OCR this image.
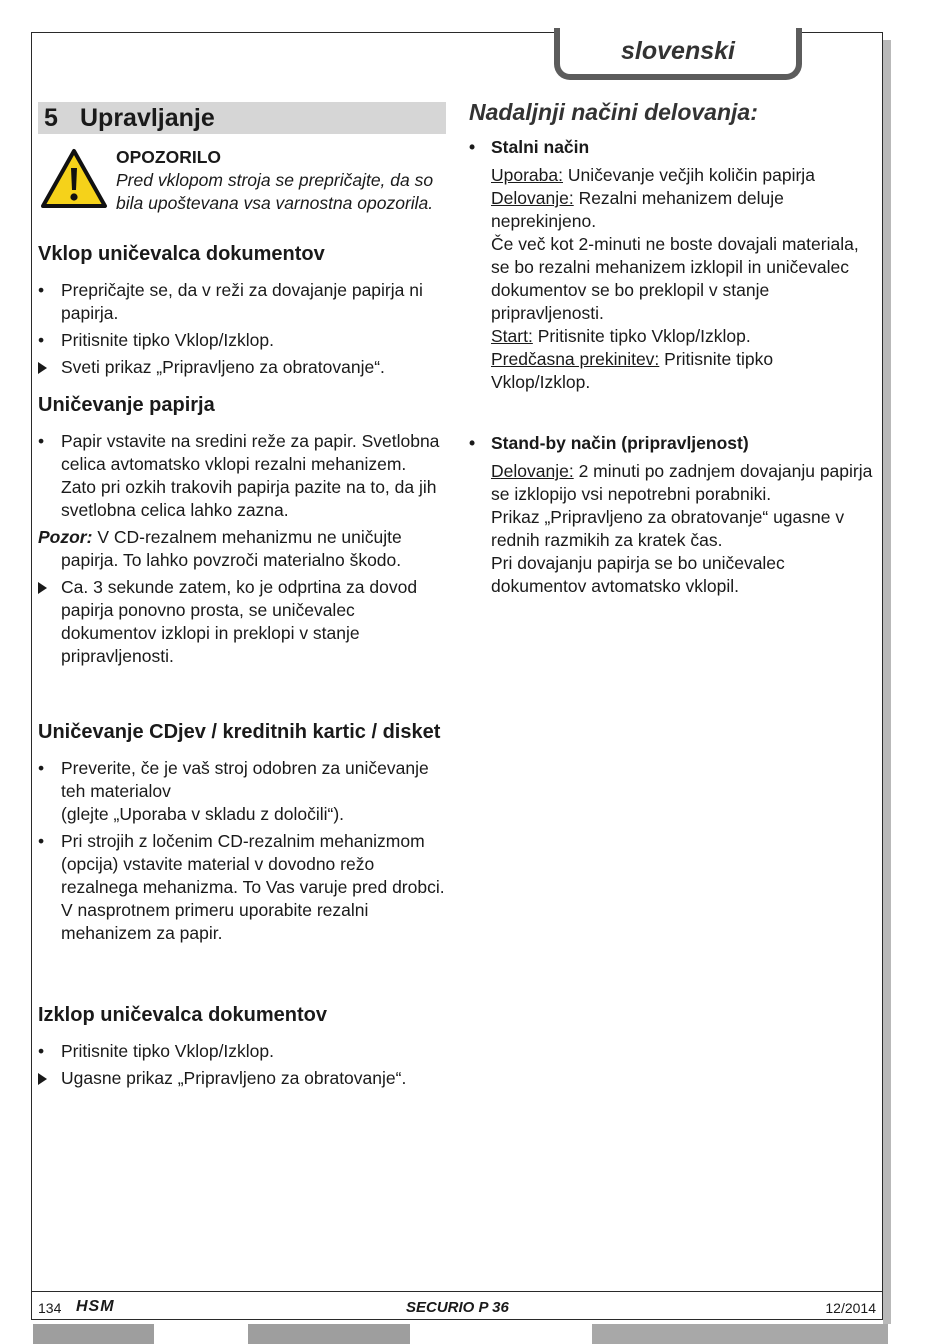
slovenski
5 Upravljanje
OPOZORILO
Pred vklopom stroja se prepričajte, da so bila upoštevana vsa varnostna opozorila.
Vklop uničevalca dokumentov
• Prepričajte se, da v reži za dovajanje papirja ni papirja.
• Pritisnite tipko Vklop/Izklop.
Sveti prikaz „Pripravljeno za obratovanje“.
Uničevanje papirja
• Papir vstavite na sredini reže za papir. Svetlobna celica avtomatsko vklopi rezalni mehanizem. Zato pri ozkih trakovih papirja pazite na to, da jih svetlobna celica lahko zazna.
Pozor: V CD-rezalnem mehanizmu ne uničujte papirja. To lahko povzroči materialno škodo.
Ca. 3 sekunde zatem, ko je odprtina za dovod papirja ponovno prosta, se uničevalec dokumentov izklopi in preklopi v stanje pripravljenosti.
Uničevanje CDjev / kreditnih kartic / disket
• Preverite, če je vaš stroj odobren za uničevanje teh materialov
(glejte „Uporaba v skladu z določili“).
• Pri strojih z ločenim CD-rezalnim mehanizmom (opcija) vstavite material v dovodno režo rezalnega mehanizma. To Vas varuje pred drobci. V nasprotnem primeru uporabite rezalni mehanizem za papir.
Izklop uničevalca dokumentov
• Pritisnite tipko Vklop/Izklop.
Ugasne prikaz „Pripravljeno za obratovanje“.
Nadaljnji načini delovanja:
• Stalni način
Uporaba: Uničevanje večjih količin papirja
Delovanje: Rezalni mehanizem deluje neprekinjeno.
Če več kot 2-minuti ne boste dovajali materiala, se bo rezalni mehanizem izklopil in uničevalec dokumentov se bo preklopil v stanje pripravljenosti.
Start: Pritisnite tipko Vklop/Izklop.
Predčasna prekinitev: Pritisnite tipko Vklop/Izklop.
• Stand-by način (pripravljenost)
Delovanje: 2 minuti po zadnjem dovajanju papirja se izklopijo vsi nepotrebni porabniki.
Prikaz „Pripravljeno za obratovanje“ ugasne v rednih razmikih za kratek čas.
Pri dovajanju papirja se bo uničevalec dokumentov avtomatsko vklopil.
134 HSM	SECURIO P 36	12/2014
